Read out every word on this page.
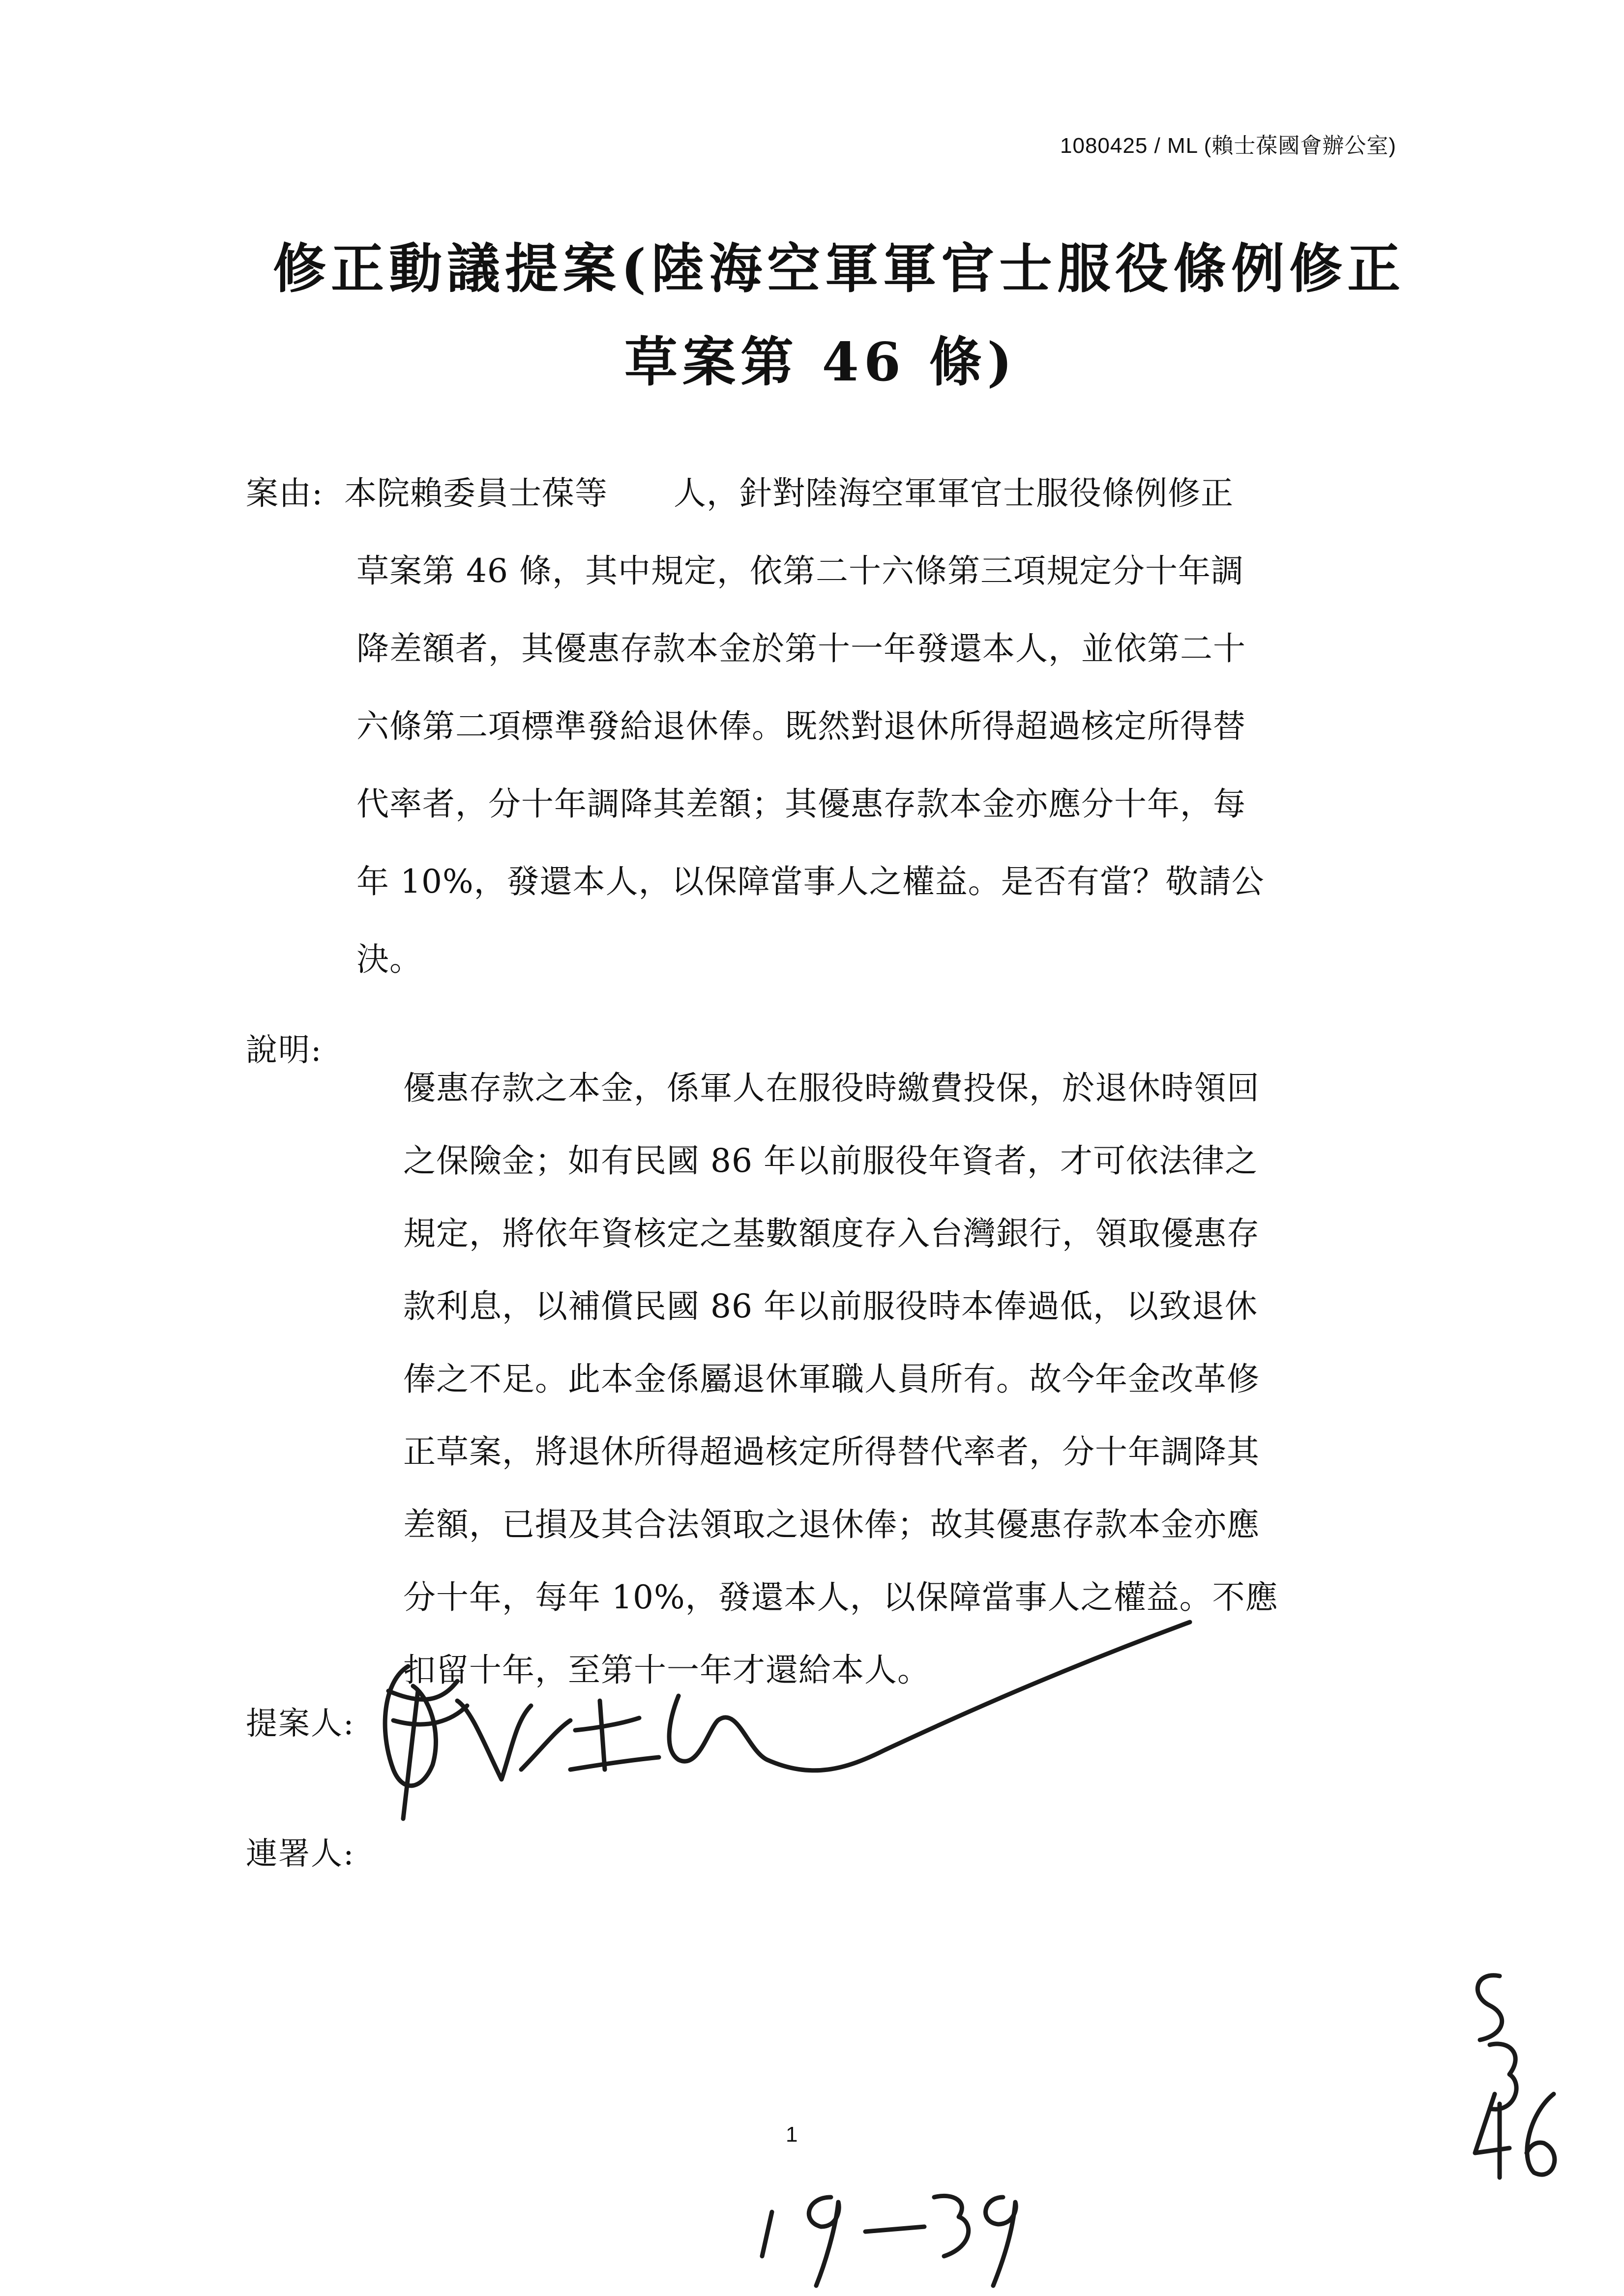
1080425 / ML (賴士葆國會辦公室)
修正動議提案(陸海空軍軍官士服役條例修正
草案第 46 條)
案由: 本院賴委員士葆等　　人，針對陸海空軍軍官士服役條例修正
草案第 46 條，其中規定，依第二十六條第三項規定分十年調
降差額者，其優惠存款本金於第十一年發還本人，並依第二十
六條第二項標準發給退休俸。既然對退休所得超過核定所得替
代率者，分十年調降其差額；其優惠存款本金亦應分十年，每
年 10%，發還本人，以保障當事人之權益。是否有當？敬請公
決。
說明:
優惠存款之本金，係軍人在服役時繳費投保，於退休時領回
之保險金；如有民國 86 年以前服役年資者，才可依法律之
規定，將依年資核定之基數額度存入台灣銀行，領取優惠存
款利息，以補償民國 86 年以前服役時本俸過低，以致退休
俸之不足。此本金係屬退休軍職人員所有。故今年金改革修
正草案，將退休所得超過核定所得替代率者，分十年調降其
差額，已損及其合法領取之退休俸；故其優惠存款本金亦應
分十年，每年 10%，發還本人，以保障當事人之權益。不應
扣留十年，至第十一年才還給本人。
提案人:
連署人:
1
